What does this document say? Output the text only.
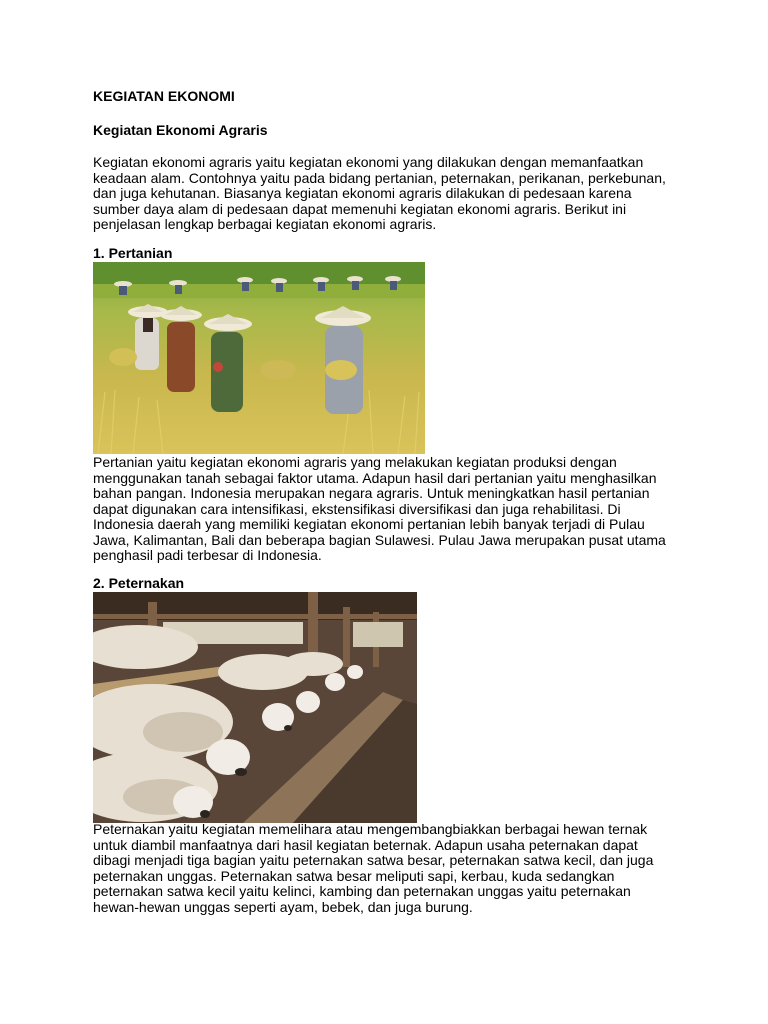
KEGIATAN EKONOMI
Kegiatan Ekonomi Agraris

Kegiatan ekonomi agraris yaitu kegiatan ekonomi yang dilakukan dengan memanfaatkan
keadaan alam. Contohnya yaitu pada bidang pertanian, peternakan, perikanan, perkebunan,
dan juga kehutanan. Biasanya kegiatan ekonomi agraris dilakukan di pedesaan karena
sumber daya alam di pedesaan dapat memenuhi kegiatan ekonomi agraris. Berikut ini
penjelasan lengkap berbagai kegiatan ekonomi agraris.

1. Pertanian

Pertanian yaitu kegiatan ekonomi agraris yang melakukan kegiatan produksi dengan
menggunakan tanah sebagai faktor utama. Adapun hasil dari pertanian yaitu menghasilkan
bahan pangan. Indonesia merupakan negara agraris. Untuk meningkatkan hasil pertanian
dapat digunakan cara intensifikasi, ekstensifikasi diversifikasi dan juga rehabilitasi. Di
Indonesia daerah yang memiliki kegiatan ekonomi pertanian lebih banyak terjadi di Pulau
Jawa, Kalimantan, Bali dan beberapa bagian Sulawesi. Pulau Jawa merupakan pusat utama
penghasil padi terbesar di Indonesia.

2. Peternakan

Peternakan yaitu kegiatan memelihara atau mengembangbiakkan berbagai hewan ternak
untuk diambil manfaatnya dari hasil kegiatan beternak. Adapun usaha peternakan dapat
dibagi menjadi tiga bagian yaitu peternakan satwa besar, peternakan satwa kecil, dan juga
peternakan unggas. Peternakan satwa besar meliputi sapi, kerbau, kuda sedangkan
peternakan satwa kecil yaitu kelinci, kambing dan peternakan unggas yaitu peternakan
hewan-hewan unggas seperti ayam, bebek, dan juga burung.
